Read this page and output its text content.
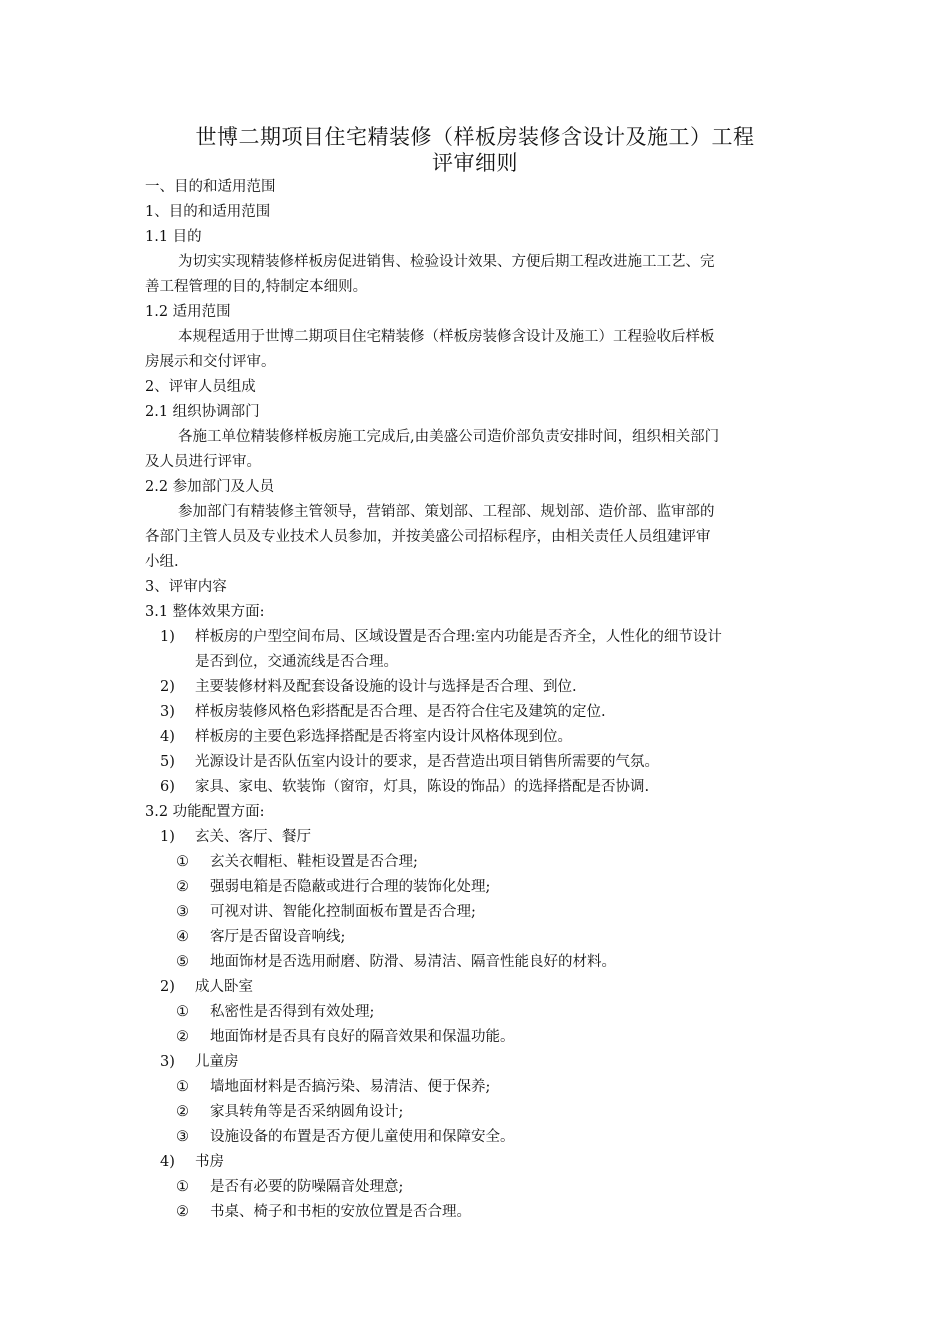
世博二期项目住宅精装修（样板房装修含设计及施工）工程
评审细则
一、目的和适用范围
1、目的和适用范围
1.1 目的
为切实实现精装修样板房促进销售、检验设计效果、方便后期工程改进施工工艺、完
善工程管理的目的,特制定本细则。
1.2 适用范围
本规程适用于世博二期项目住宅精装修（样板房装修含设计及施工）工程验收后样板
房展示和交付评审。
2、评审人员组成
2.1 组织协调部门
各施工单位精装修样板房施工完成后,由美盛公司造价部负责安排时间，组织相关部门
及人员进行评审。
2.2 参加部门及人员
参加部门有精装修主管领导，营销部、策划部、工程部、规划部、造价部、监审部的
各部门主管人员及专业技术人员参加，并按美盛公司招标程序，由相关责任人员组建评审
小组.
3、评审内容
3.1 整体效果方面:
1)	样板房的户型空间布局、区域设置是否合理:室内功能是否齐全，人性化的细节设计
是否到位，交通流线是否合理。
2)	主要装修材料及配套设备设施的设计与选择是否合理、到位.
3)	样板房装修风格色彩搭配是否合理、是否符合住宅及建筑的定位.
4)	样板房的主要色彩选择搭配是否将室内设计风格体现到位。
5)	光源设计是否队伍室内设计的要求，是否营造出项目销售所需要的气氛。
6)	家具、家电、软装饰（窗帘，灯具，陈设的饰品）的选择搭配是否协调.
3.2 功能配置方面:
1)	玄关、客厅、餐厅
①	玄关衣帽柜、鞋柜设置是否合理;
②	强弱电箱是否隐蔽或进行合理的装饰化处理;
③	可视对讲、智能化控制面板布置是否合理;
④	客厅是否留设音响线;
⑤	地面饰材是否选用耐磨、防滑、易清洁、隔音性能良好的材料。
2)	成人卧室
①	私密性是否得到有效处理;
②	地面饰材是否具有良好的隔音效果和保温功能。
3)	儿童房
①	墙地面材料是否搞污染、易清洁、便于保养;
②	家具转角等是否采纳圆角设计;
③	设施设备的布置是否方便儿童使用和保障安全。
4)	书房
①	是否有必要的防噪隔音处理意;
②	书桌、椅子和书柜的安放位置是否合理。
